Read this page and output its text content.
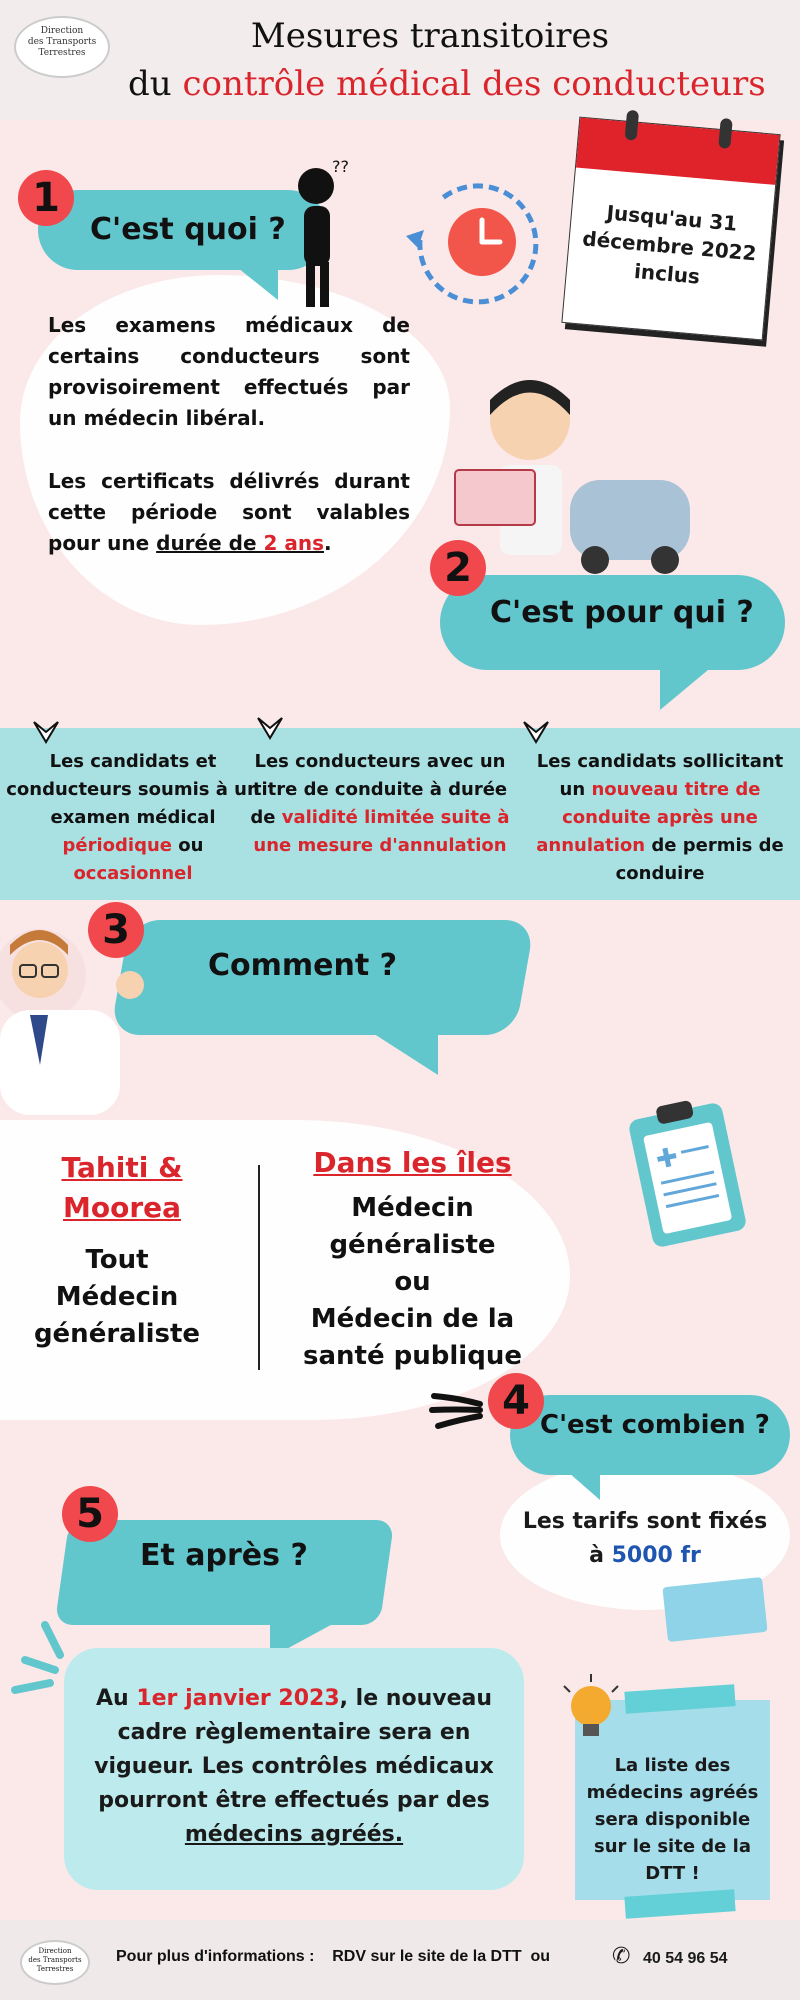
Direction
des Transports
Terrestres	Mesures transitoires
du contrôle médical des conducteurs
1
C'est quoi ?
??
Les examens médicaux de certains conducteurs sont provisoirement effectués par un médecin libéral.
Les certificats délivrés durant cette période sont valables pour une durée de 2 ans.
Jusqu'au 31 décembre 2022 inclus
2
C'est pour qui ?
Les candidats et conducteurs soumis à un examen médical périodique ou occasionnel
Les conducteurs avec un titre de conduite à durée de validité limitée suite à une mesure d'annulation
Les candidats sollicitant un nouveau titre de conduite après une annulation de permis de conduire
3
Comment ?
Tahiti & Moorea
Tout Médecin généraliste
Dans les îles
Médecin
généraliste
ou
Médecin de la
santé publique
✚
4
C'est combien ?
Les tarifs sont fixés
à 5000 fr
5
Et après ?
Au 1er janvier 2023, le nouveau cadre règlementaire sera en vigueur. Les contrôles médicaux pourront être effectués par des médecins agréés.
La liste des médecins agréés sera disponible sur le site de la DTT !
Direction
des Transports
Terrestres
Pour plus d'informations :    RDV sur le site de la DTT  ou	✆ 40 54 96 54
